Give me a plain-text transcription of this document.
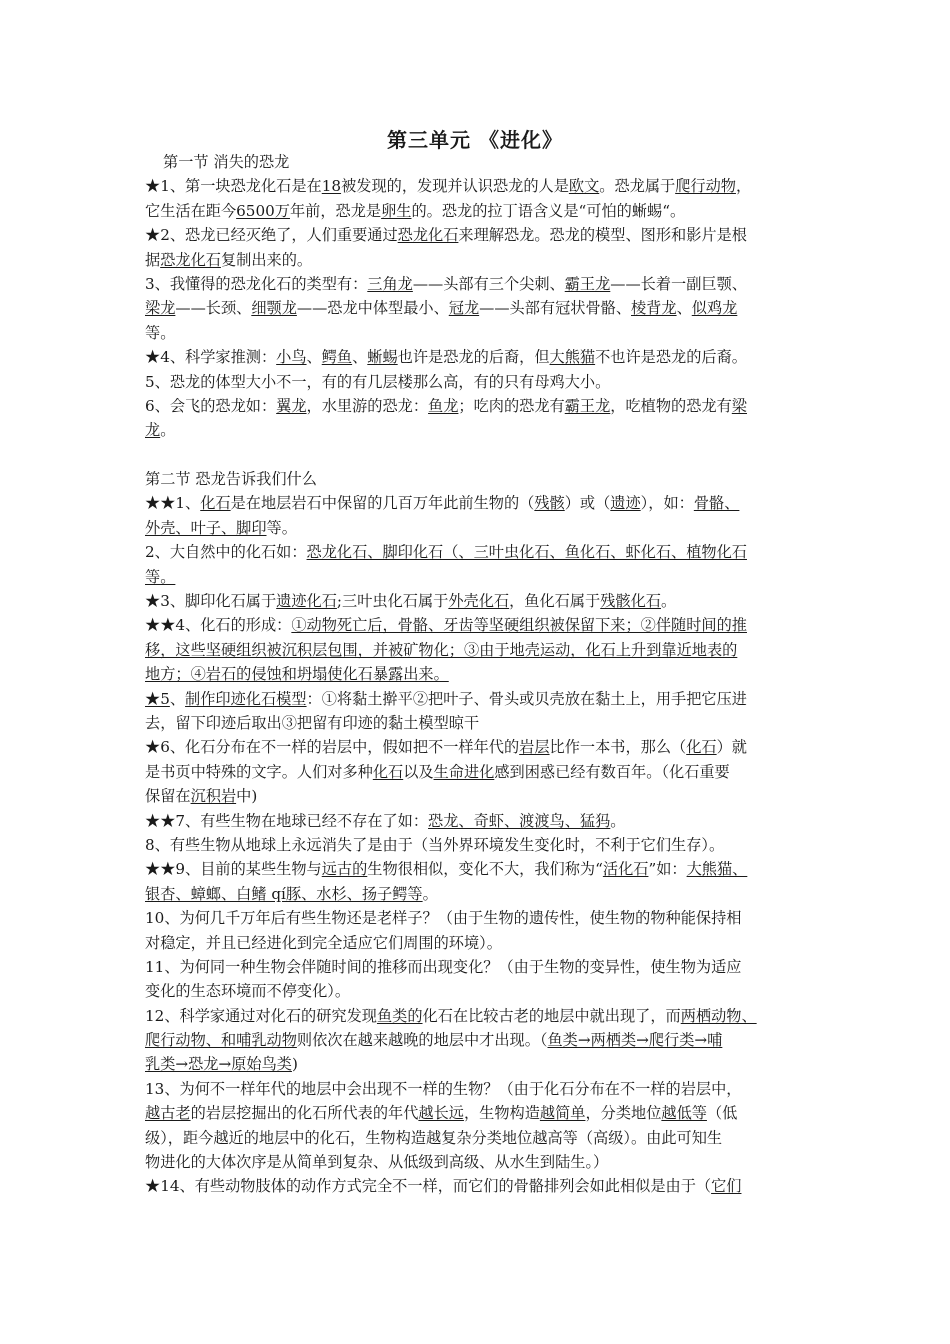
第三单元 《进化》
第一节 消失的恐龙
★1、第一块恐龙化石是在18被发现的，发现并认识恐龙的人是欧文。恐龙属于爬行动物，
它生活在距今6500万年前，恐龙是卵生的。恐龙的拉丁语含义是“可怕的蜥蜴“。
★2、恐龙已经灭绝了，人们重要通过恐龙化石来理解恐龙。恐龙的模型、图形和影片是根
据恐龙化石复制出来的。
3、我懂得的恐龙化石的类型有：三角龙——头部有三个尖刺、霸王龙——长着一副巨颚、
梁龙——长颈、细颚龙——恐龙中体型最小、冠龙——头部有冠状骨骼、棱背龙、似鸡龙
等。
★4、科学家推测：小鸟、鳄鱼、蜥蜴也许是恐龙的后裔，但大熊猫不也许是恐龙的后裔。
5、恐龙的体型大小不一，有的有几层楼那么高，有的只有母鸡大小。
6、会飞的恐龙如：翼龙，水里游的恐龙：鱼龙；吃肉的恐龙有霸王龙，吃植物的恐龙有梁
龙。
第二节 恐龙告诉我们什么
★★1、化石是在地层岩石中保留的几百万年此前生物的（残骸）或（遗迹），如：骨骼、
外壳、叶子、脚印等。
2、大自然中的化石如：恐龙化石、脚印化石（、三叶虫化石、鱼化石、虾化石、植物化石
等。
★3、脚印化石属于遗迹化石;三叶虫化石属于外壳化石，鱼化石属于残骸化石。
★★4、化石的形成：①动物死亡后，骨骼、牙齿等坚硬组织被保留下来；②伴随时间的推
移，这些坚硬组织被沉积层包围，并被矿物化；③由于地壳运动，化石上升到靠近地表的
地方；④岩石的侵蚀和坍塌使化石暴露出来。
★5、制作印迹化石模型：①将黏土擀平②把叶子、骨头或贝壳放在黏土上，用手把它压进
去，留下印迹后取出③把留有印迹的黏土模型晾干
★6、化石分布在不一样的岩层中，假如把不一样年代的岩层比作一本书，那么（化石）就
是书页中特殊的文字。人们对多种化石以及生命进化感到困惑已经有数百年。（化石重要
保留在沉积岩中)
★★7、有些生物在地球已经不存在了如：恐龙、奇虾、渡渡鸟、猛犸。
8、有些生物从地球上永远消失了是由于（当外界环境发生变化时，不利于它们生存）。
★★9、目前的某些生物与远古的生物很相似，变化不大，我们称为“活化石”如：大熊猫、
银杏、蟑螂、白鳍 qí豚、水杉、扬子鳄等。
10、为何几千万年后有些生物还是老样子？（由于生物的遗传性，使生物的物种能保持相
对稳定，并且已经进化到完全适应它们周围的环境）。
11、为何同一种生物会伴随时间的推移而出现变化？（由于生物的变异性，使生物为适应
变化的生态环境而不停变化）。
12、科学家通过对化石的研究发现鱼类的化石在比较古老的地层中就出现了，而两栖动物、
爬行动物、和哺乳动物则依次在越来越晚的地层中才出现。（鱼类→两栖类→爬行类→哺
乳类→恐龙→原始鸟类)
13、为何不一样年代的地层中会出现不一样的生物？（由于化石分布在不一样的岩层中，
越古老的岩层挖掘出的化石所代表的年代越长远，生物构造越简单，分类地位越低等（低
级），距今越近的地层中的化石，生物构造越复杂分类地位越高等（高级）。由此可知生
物进化的大体次序是从简单到复杂、从低级到高级、从水生到陆生。）
★14、有些动物肢体的动作方式完全不一样，而它们的骨骼排列会如此相似是由于（它们
